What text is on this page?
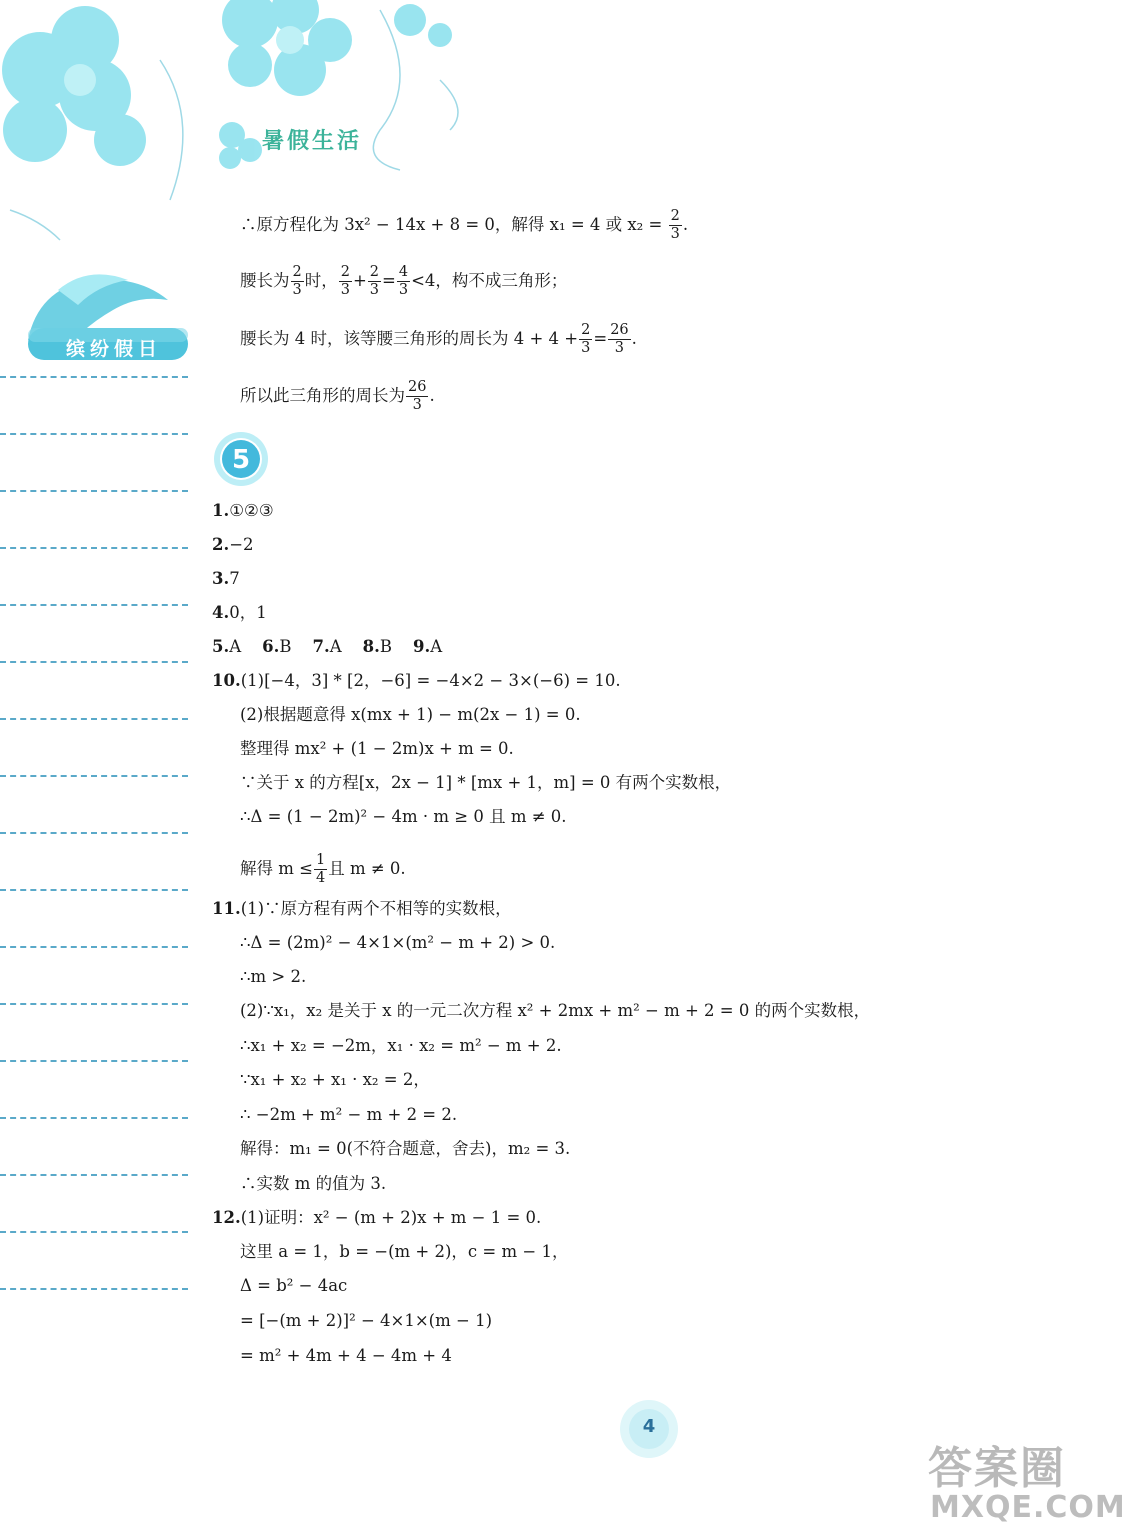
暑假生活
缤纷假日
∴原方程化为 3x² − 14x + 8 = 0，解得 x₁ = 4 或 $x_2 = \frac{2}{3}$ .
腰长为 $\frac{2}{3}$ 时， $\frac{2}{3} + \frac{2}{3} = \frac{4}{3} <4$，构不成三角形；
腰长为 4 时，该等腰三角形的周长为 $4 + 4 + \frac{2}{3} = \frac{26}{3}$ .
所以此三角形的周长为 $\frac{26}{3}$ .
5
1.①②③
2.−2
3.7
4.0，1
5.A 6.B 7.A 8.B 9.A
10.(1)[−4，3] * [2，−6] = −4×2 − 3×(−6) = 10.
(2)根据题意得 x(mx + 1) − m(2x − 1) = 0.
整理得 mx² + (1 − 2m)x + m = 0.
∵关于 x 的方程[x，2x − 1] * [mx + 1，m] = 0 有两个实数根，
∴Δ = (1 − 2m)² − 4m · m ≥ 0 且 m ≠ 0.
解得 $m \le \frac{1}{4}$ 且 m ≠ 0.
11.(1)∵原方程有两个不相等的实数根，
∴Δ = (2m)² − 4×1×(m² − m + 2) > 0.
∴m > 2.
(2)∵x₁，x₂ 是关于 x 的一元二次方程 x² + 2mx + m² − m + 2 = 0 的两个实数根，
∴x₁ + x₂ = −2m，x₁ · x₂ = m² − m + 2.
∵x₁ + x₂ + x₁ · x₂ = 2，
∴ −2m + m² − m + 2 = 2.
解得：m₁ = 0(不符合题意，舍去)，m₂ = 3.
∴实数 m 的值为 3.
12.(1)证明：x² − (m + 2)x + m − 1 = 0.
这里 a = 1，b = −(m + 2)，c = m − 1，
Δ = b² − 4ac
= [−(m + 2)]² − 4×1×(m − 1)
= m² + 4m + 4 − 4m + 4
4
答案圈
MXQE.COM
